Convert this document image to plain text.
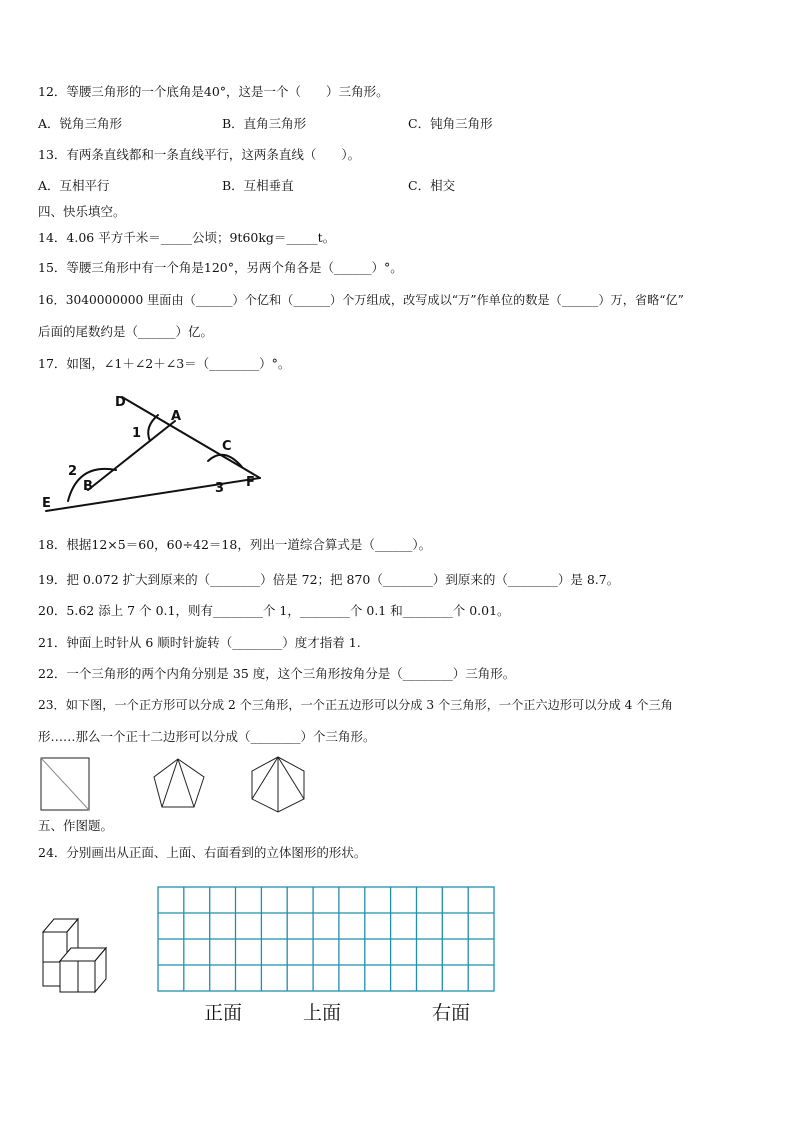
12．等腰三角形的一个底角是40°，这是一个（　　）三角形。
A．锐角三角形	B．直角三角形	C．钝角三角形
13．有两条直线都和一条直线平行，这两条直线（　　）。
A．互相平行	B．互相垂直	C．相交
四、快乐填空。
14．4.06 平方千米＝_____公顷；9t60kg＝_____t。
15．等腰三角形中有一个角是120°，另两个角各是（______）°。
16．3040000000 里面由（______）个亿和（______）个万组成，改写成以“万”作单位的数是（______）万，省略“亿”
后面的尾数约是（______）亿。
17．如图，∠1＋∠2＋∠3＝（________）°。
D
A
1
C
2
B	3
E
F
18．根据12×5＝60，60÷42＝18，列出一道综合算式是（______）。
19．把 0.072 扩大到原来的（________）倍是 72；把 870（________）到原来的（________）是 8.7。
20．5.62 添上 7 个 0.1，则有________个 1，________个 0.1 和________个 0.01。
21．钟面上时针从 6 顺时针旋转（________）度才指着 1.
22．一个三角形的两个内角分别是 35 度，这个三角形按角分是（________）三角形。
23．如下图，一个正方形可以分成 2 个三角形，一个正五边形可以分成 3 个三角形，一个正六边形可以分成 4 个三角
形……那么一个正十二边形可以分成（________）个三角形。
五、作图题。
24．分别画出从正面、上面、右面看到的立体图形的形状。
正面	上面	右面
